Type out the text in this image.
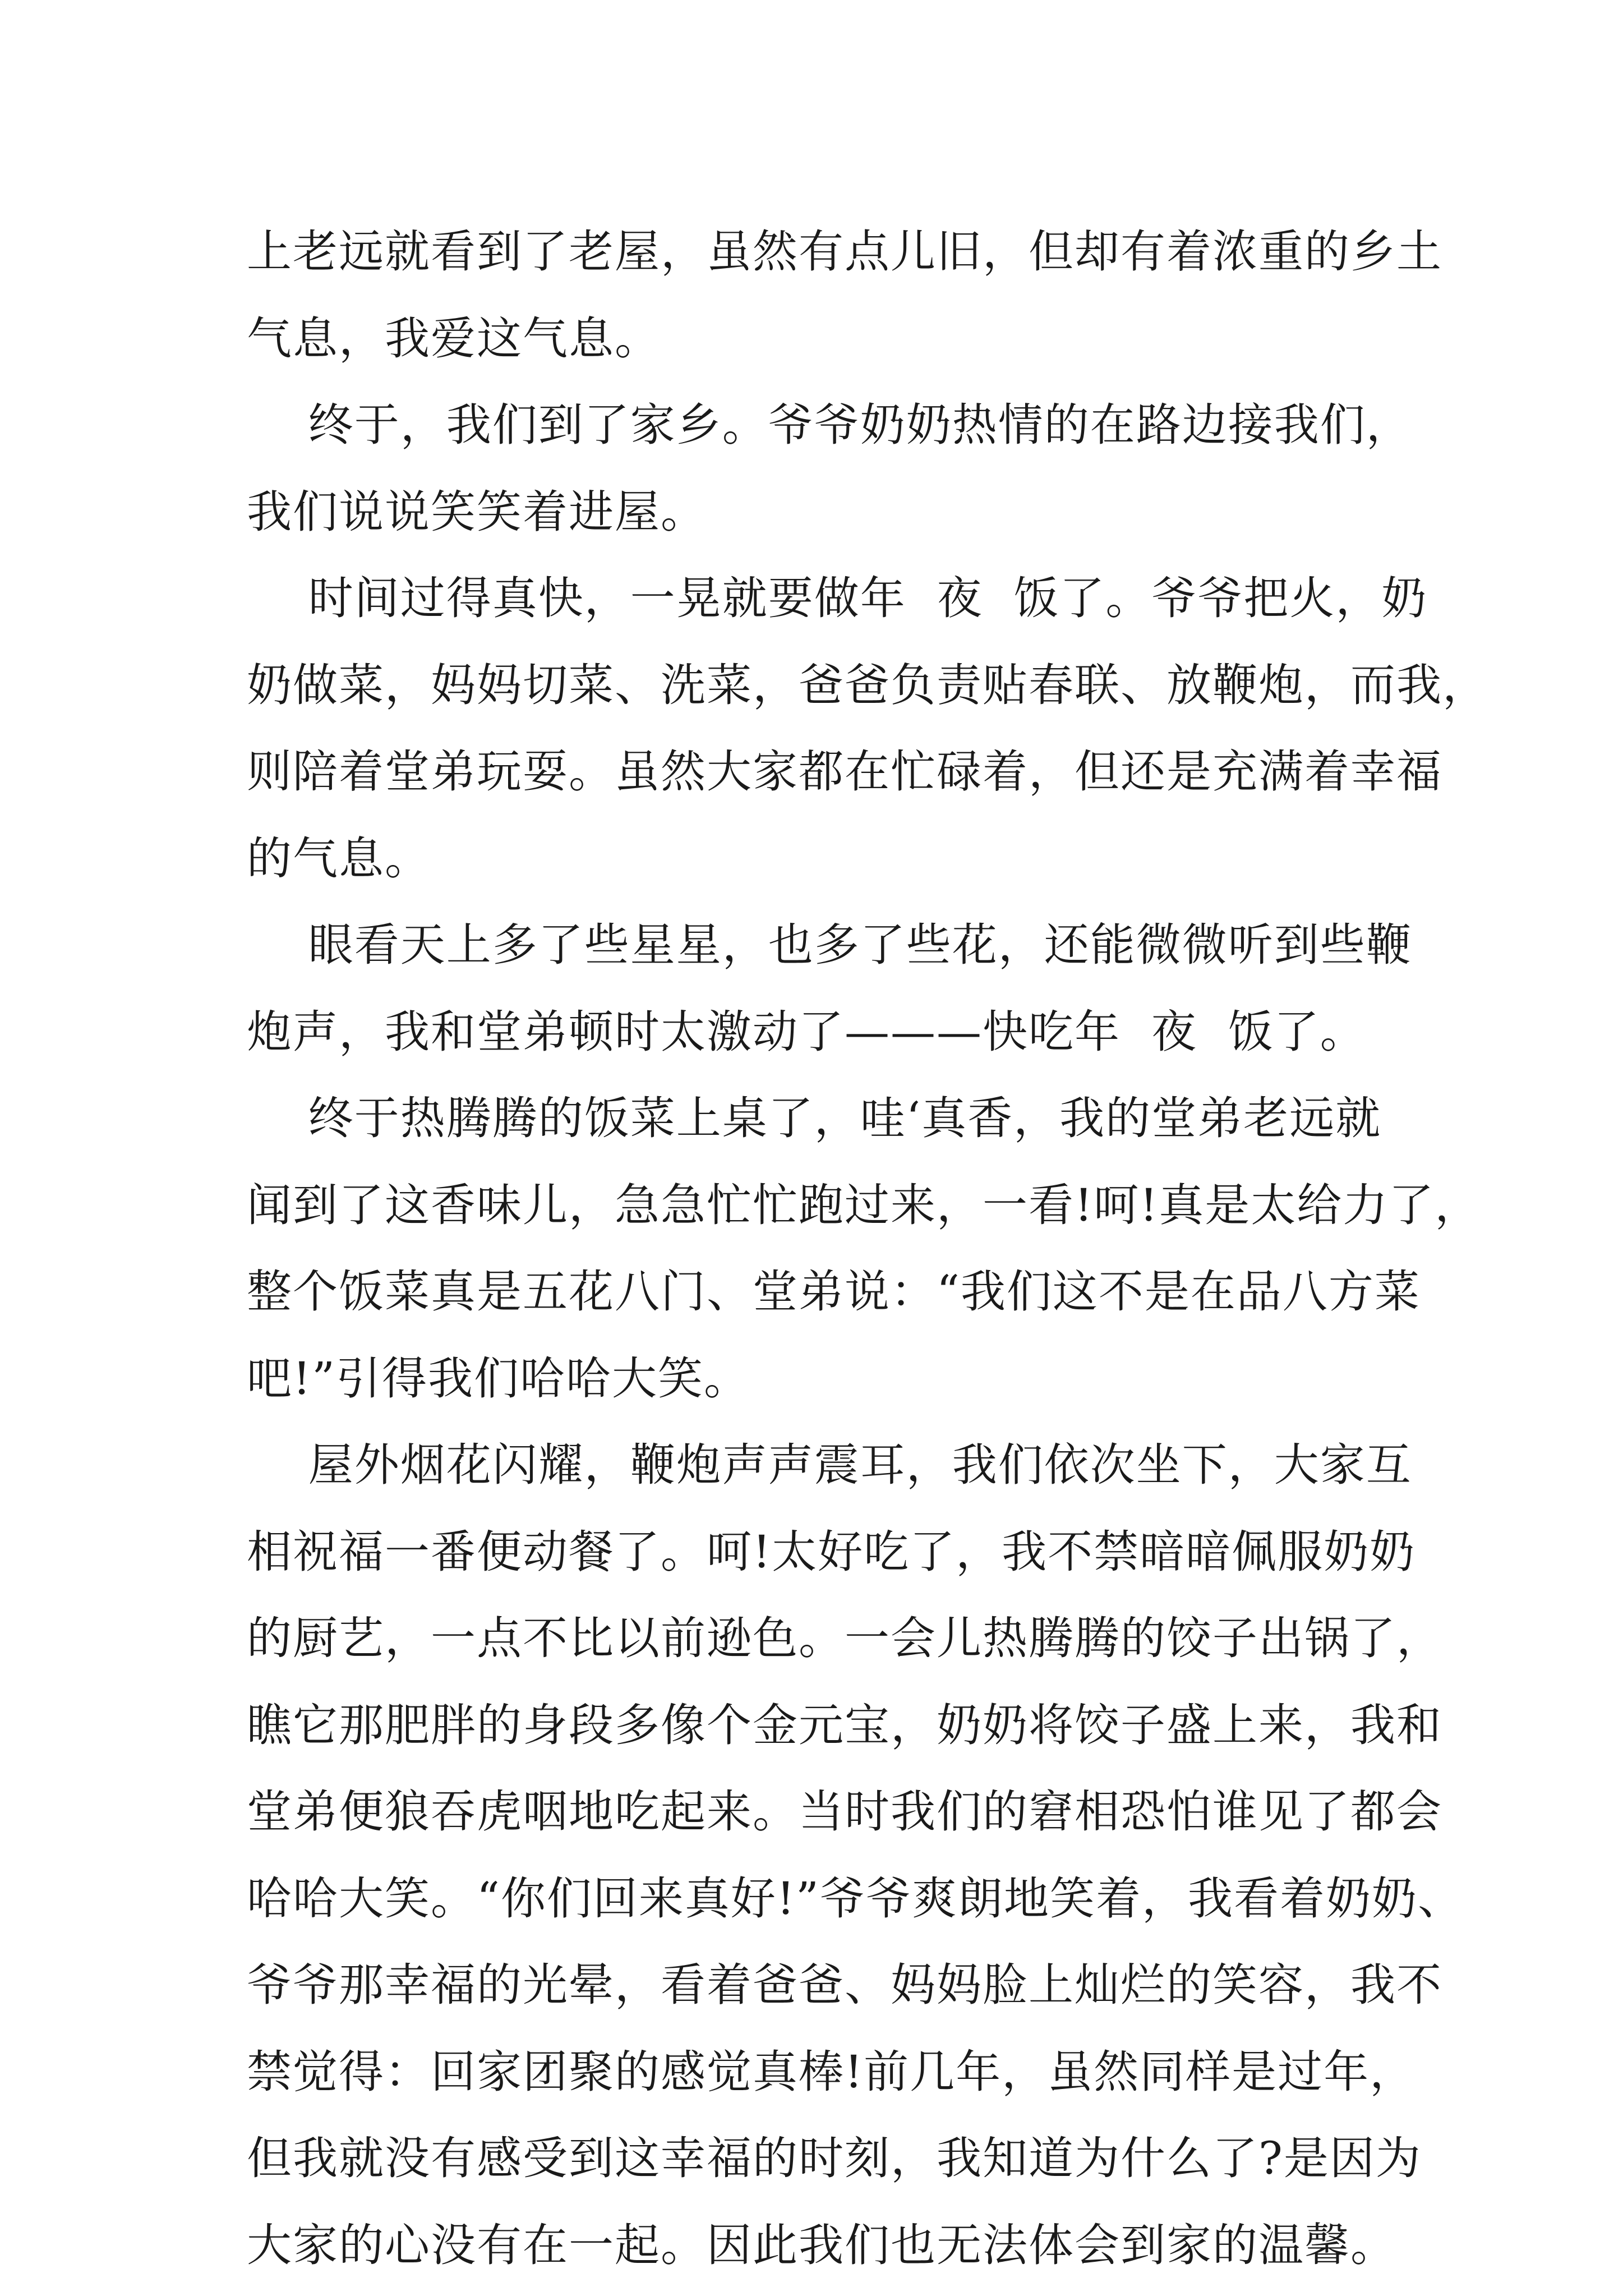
上老远就看到了老屋，虽然有点儿旧，但却有着浓重的乡土
气息，我爱这气息。
终于，我们到了家乡。爷爷奶奶热情的在路边接我们，
我们说说笑笑着进屋。
时间过得真快，一晃就要做年  夜  饭了。爷爷把火，奶
奶做菜，妈妈切菜、洗菜，爸爸负责贴春联、放鞭炮，而我，
则陪着堂弟玩耍。虽然大家都在忙碌着，但还是充满着幸福
的气息。
眼看天上多了些星星，也多了些花，还能微微听到些鞭
炮声，我和堂弟顿时太激动了———快吃年  夜  饭了。
终于热腾腾的饭菜上桌了，哇‘真香，我的堂弟老远就
闻到了这香味儿，急急忙忙跑过来，一看!呵!真是太给力了，
整个饭菜真是五花八门、堂弟说：“我们这不是在品八方菜
吧!”引得我们哈哈大笑。
屋外烟花闪耀，鞭炮声声震耳，我们依次坐下，大家互
相祝福一番便动餐了。呵!太好吃了，我不禁暗暗佩服奶奶
的厨艺，一点不比以前逊色。一会儿热腾腾的饺子出锅了，
瞧它那肥胖的身段多像个金元宝，奶奶将饺子盛上来，我和
堂弟便狼吞虎咽地吃起来。当时我们的窘相恐怕谁见了都会
哈哈大笑。“你们回来真好!”爷爷爽朗地笑着，我看着奶奶、
爷爷那幸福的光晕，看着爸爸、妈妈脸上灿烂的笑容，我不
禁觉得：回家团聚的感觉真棒!前几年，虽然同样是过年，
但我就没有感受到这幸福的时刻，我知道为什么了?是因为
大家的心没有在一起。因此我们也无法体会到家的温馨。
